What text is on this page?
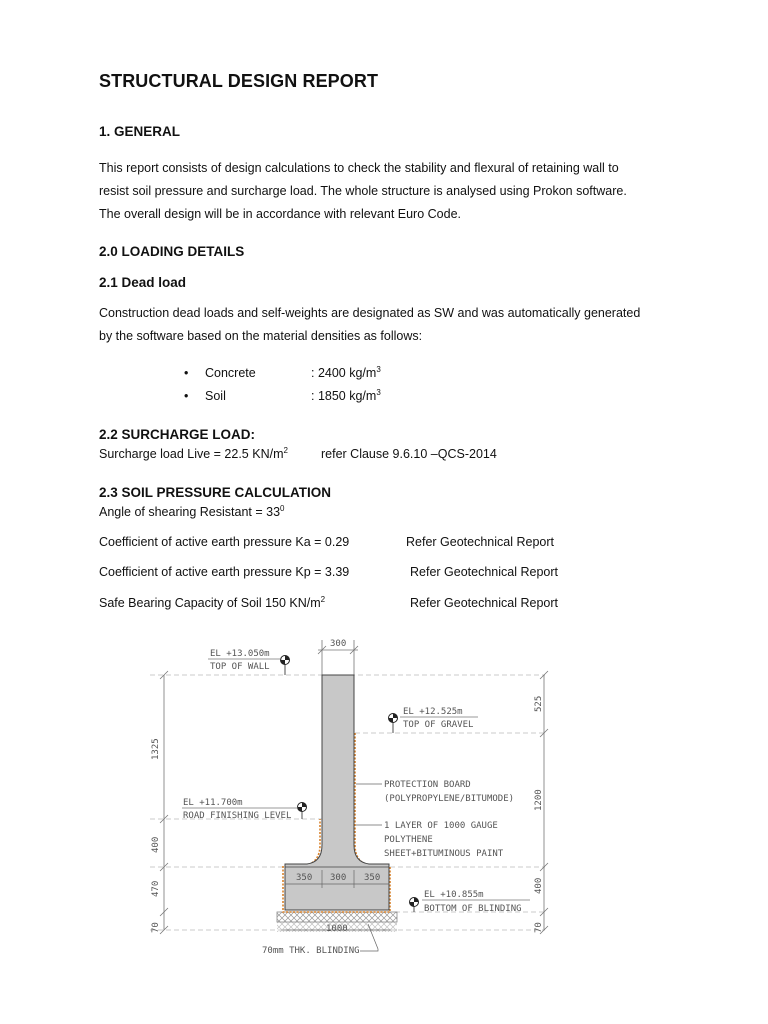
STRUCTURAL DESIGN REPORT
1. GENERAL
This report consists of design calculations to check the stability and flexural of retaining wall to
resist soil pressure and surcharge load. The whole structure is analysed using Prokon software.
The overall design will be in accordance with relevant Euro Code.
2.0 LOADING DETAILS
2.1 Dead load
Construction dead loads and self-weights are designated as SW and was automatically generated
by the software based on the material densities as follows:
• Concrete	: 2400 $kg/m^3$
• Soil	: 1850 $kg/m^3$
2.2 SURCHARGE LOAD:
Surcharge load Live = 22.5 $KN/m^2$	refer Clause 9.6.10 –QCS-2014
2.3 SOIL PRESSURE CALCULATION
Angle of shearing Resistant = $33^0$
Coefficient of active earth pressure Ka = 0.29	Refer Geotechnical Report
Coefficient of active earth pressure Kp = 3.39	Refer Geotechnical Report
Safe Bearing Capacity of Soil 150 $KN/m^2$	Refer Geotechnical Report
300
350 300 350
1000
70mm THK. BLINDING
EL +13.050m
TOP OF WALL
EL +12.525m
TOP OF GRAVEL
EL +11.700m
ROAD FINISHING LEVEL
EL +10.855m
BOTTOM OF BLINDING
PROTECTION BOARD
(POLYPROPYLENE/BITUMODE)
1 LAYER OF 1000 GAUGE
POLYTHENE
SHEET+BITUMINOUS PAINT
1325
400
470
70
525
1200
400
70
